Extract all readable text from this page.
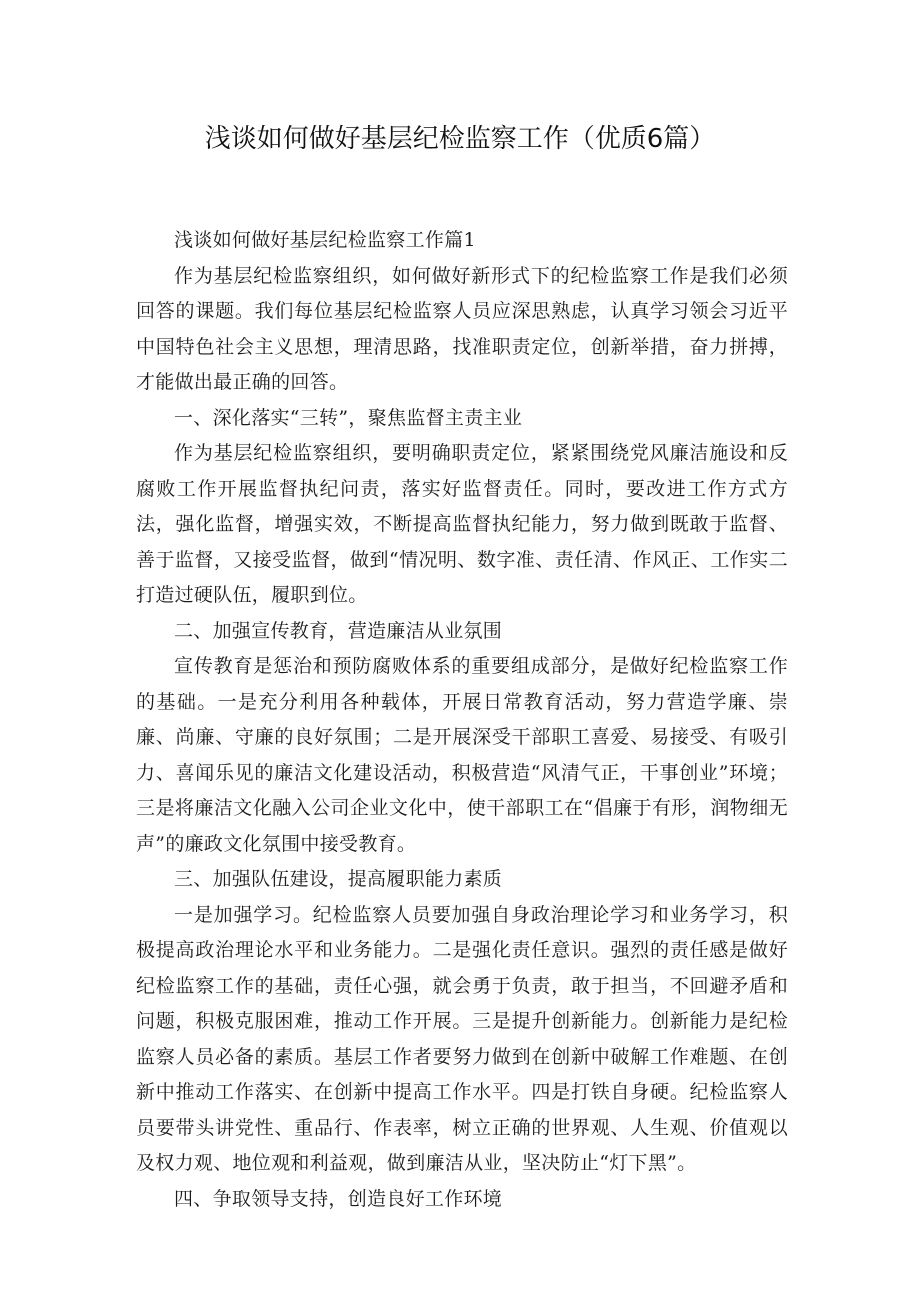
浅谈如何做好基层纪检监察工作（优质6篇）

浅谈如何做好基层纪检监察工作篇1

作为基层纪检监察组织，如何做好新形式下的纪检监察工作是我们必须回答的课题。我们每位基层纪检监察人员应深思熟虑，认真学习领会习近平中国特色社会主义思想，理清思路，找准职责定位，创新举措，奋力拼搏，才能做出最正确的回答。

一、深化落实“三转”，聚焦监督主责主业

作为基层纪检监察组织，要明确职责定位，紧紧围绕党风廉洁施设和反腐败工作开展监督执纪问责，落实好监督责任。同时，要改进工作方式方法，强化监督，增强实效，不断提高监督执纪能力，努力做到既敢于监督、善于监督，又接受监督，做到“情况明、数字准、责任清、作风正、工作实二打造过硬队伍，履职到位。

二、加强宣传教育，营造廉洁从业氛围

宣传教育是惩治和预防腐败体系的重要组成部分，是做好纪检监察工作的基础。一是充分利用各种载体，开展日常教育活动，努力营造学廉、崇廉、尚廉、守廉的良好氛围；二是开展深受干部职工喜爱、易接受、有吸引力、喜闻乐见的廉洁文化建设活动，积极营造“风清气正，干事创业”环境；三是将廉洁文化融入公司企业文化中，使干部职工在“倡廉于有形，润物细无声”的廉政文化氛围中接受教育。

三、加强队伍建设，提高履职能力素质

一是加强学习。纪检监察人员要加强自身政治理论学习和业务学习，积极提高政治理论水平和业务能力。二是强化责任意识。强烈的责任感是做好纪检监察工作的基础，责任心强，就会勇于负责，敢于担当，不回避矛盾和问题，积极克服困难，推动工作开展。三是提升创新能力。创新能力是纪检监察人员必备的素质。基层工作者要努力做到在创新中破解工作难题、在创新中推动工作落实、在创新中提高工作水平。四是打铁自身硬。纪检监察人员要带头讲党性、重品行、作表率，树立正确的世界观、人生观、价值观以及权力观、地位观和利益观，做到廉洁从业，坚决防止“灯下黑”。

四、争取领导支持，创造良好工作环境
